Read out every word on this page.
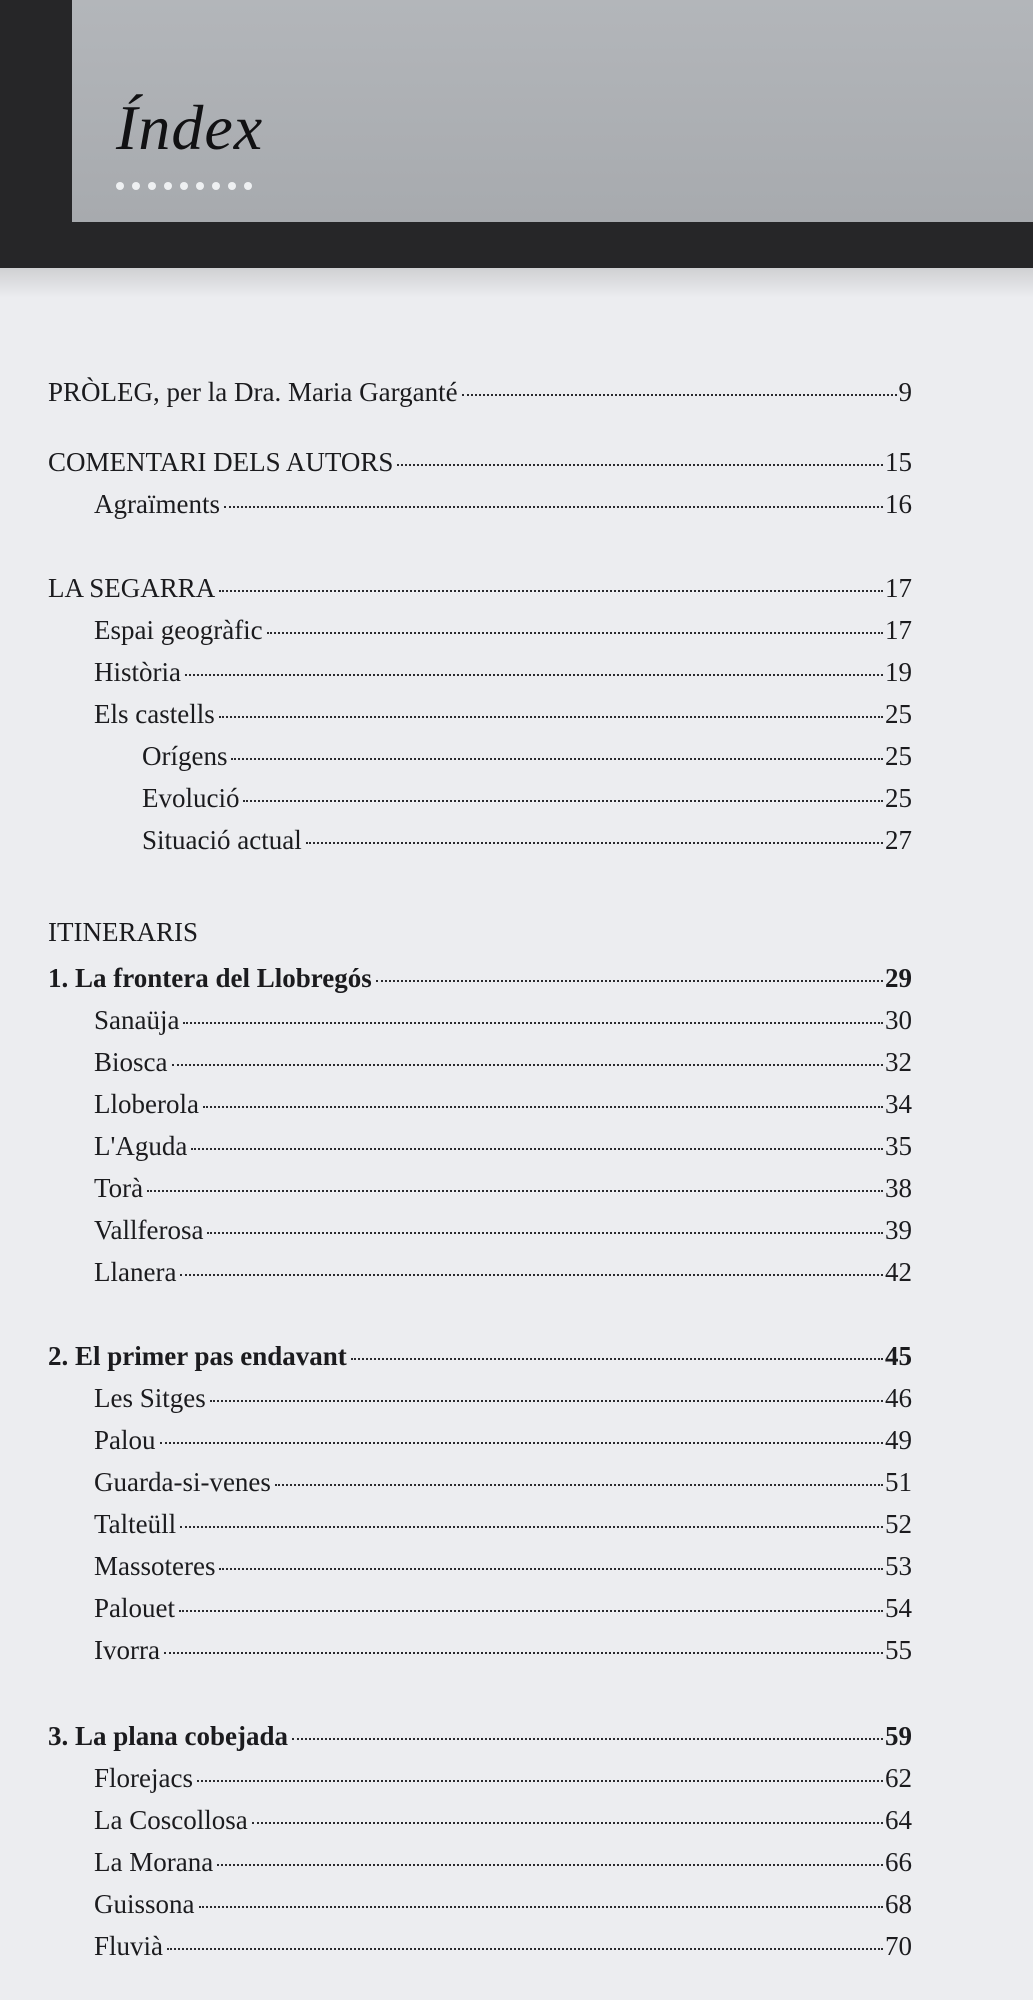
Índex
PRÒLEG, per la Dra. Maria Garganté	9
COMENTARI DELS AUTORS	15
Agraïments	16
LA SEGARRA	17
Espai geogràfic	17
Història	19
Els castells	25
Orígens	25
Evolució	25
Situació actual	27
ITINERARIS
1. La frontera del Llobregós	29
Sanaüja	30
Biosca	32
Lloberola	34
L'Aguda	35
Torà	38
Vallferosa	39
Llanera	42
2. El primer pas endavant	45
Les Sitges	46
Palou	49
Guarda-si-venes	51
Talteüll	52
Massoteres	53
Palouet	54
Ivorra	55
3. La plana cobejada	59
Florejacs	62
La Coscollosa	64
La Morana	66
Guissona	68
Fluvià	70
